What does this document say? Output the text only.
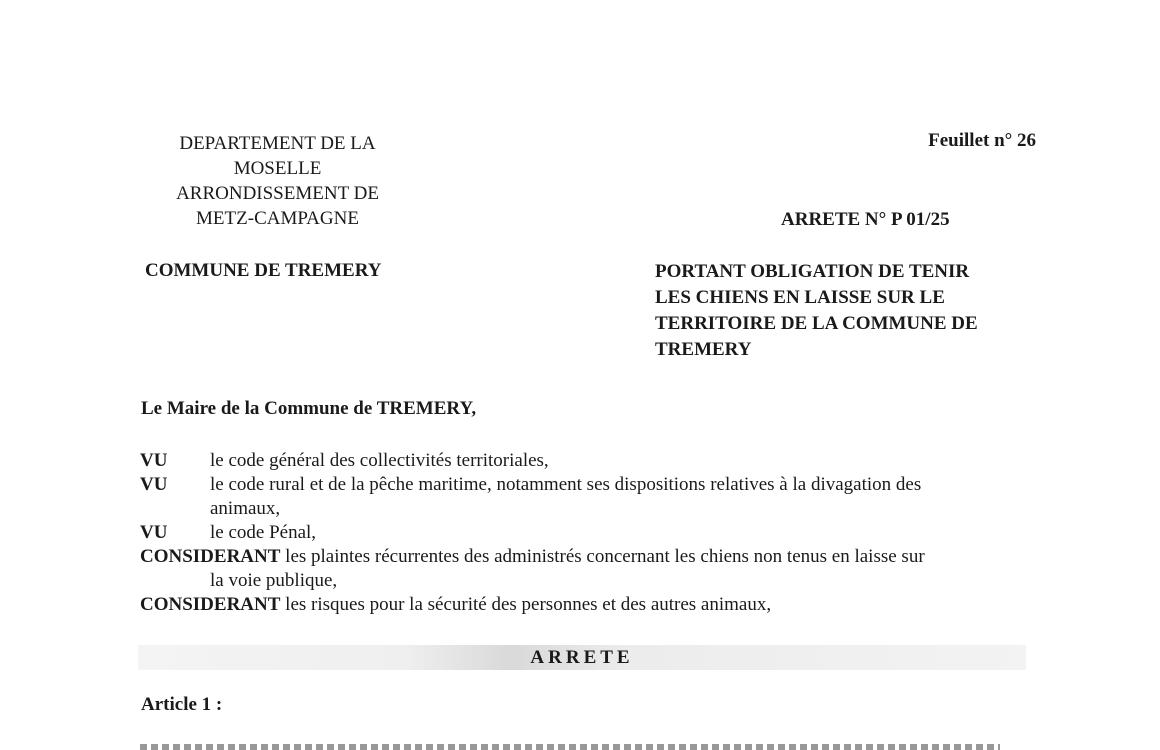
DEPARTEMENT DE LA
MOSELLE
ARRONDISSEMENT DE
METZ-CAMPAGNE
Feuillet n° 26
ARRETE N° P 01/25
COMMUNE DE TREMERY	PORTANT OBLIGATION DE TENIR
LES CHIENS EN LAISSE SUR LE
TERRITOIRE DE LA COMMUNE DE
TREMERY
Le Maire de la Commune de TREMERY,
VU le code général des collectivités territoriales,
VU le code rural et de la pêche maritime, notamment ses dispositions relatives à la divagation des
animaux,
VU le code Pénal,
CONSIDERANT les plaintes récurrentes des administrés concernant les chiens non tenus en laisse sur
la voie publique,
CONSIDERANT les risques pour la sécurité des personnes et des autres animaux,
ARRETE
Article 1 :
